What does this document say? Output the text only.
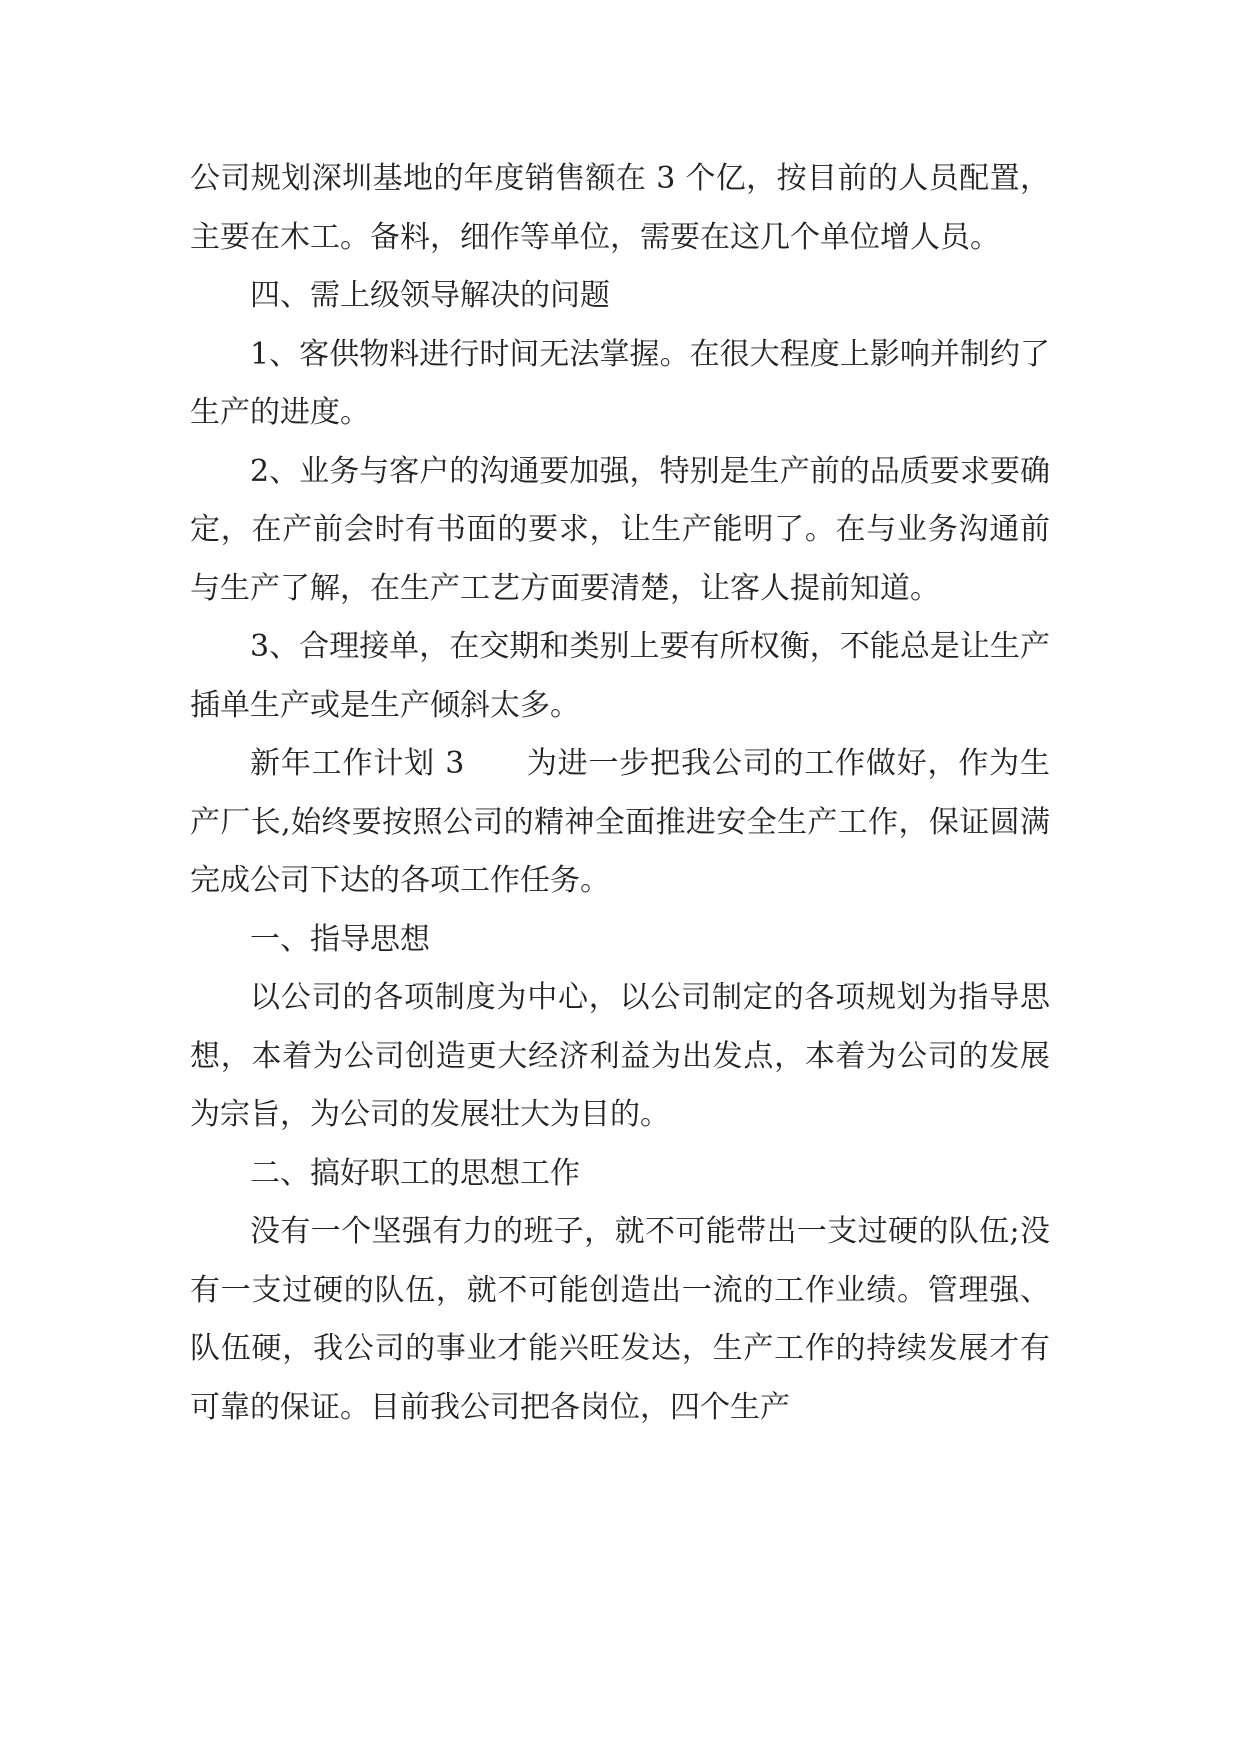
公司规划深圳基地的年度销售额在 3 个亿，按目前的人员配置，主要在木工。备料，细作等单位，需要在这几个单位增人员。

四、需上级领导解决的问题

1、客供物料进行时间无法掌握。在很大程度上影响并制约了生产的进度。

2、业务与客户的沟通要加强，特别是生产前的品质要求要确定，在产前会时有书面的要求，让生产能明了。在与业务沟通前与生产了解，在生产工艺方面要清楚，让客人提前知道。

3、合理接单，在交期和类别上要有所权衡，不能总是让生产插单生产或是生产倾斜太多。

新年工作计划 3　　为进一步把我公司的工作做好，作为生产厂长,始终要按照公司的精神全面推进安全生产工作，保证圆满完成公司下达的各项工作任务。

一、指导思想

以公司的各项制度为中心，以公司制定的各项规划为指导思想，本着为公司创造更大经济利益为出发点，本着为公司的发展为宗旨，为公司的发展壮大为目的。

二、搞好职工的思想工作

没有一个坚强有力的班子，就不可能带出一支过硬的队伍;没有一支过硬的队伍，就不可能创造出一流的工作业绩。管理强、队伍硬，我公司的事业才能兴旺发达，生产工作的持续发展才有可靠的保证。目前我公司把各岗位，四个生产
